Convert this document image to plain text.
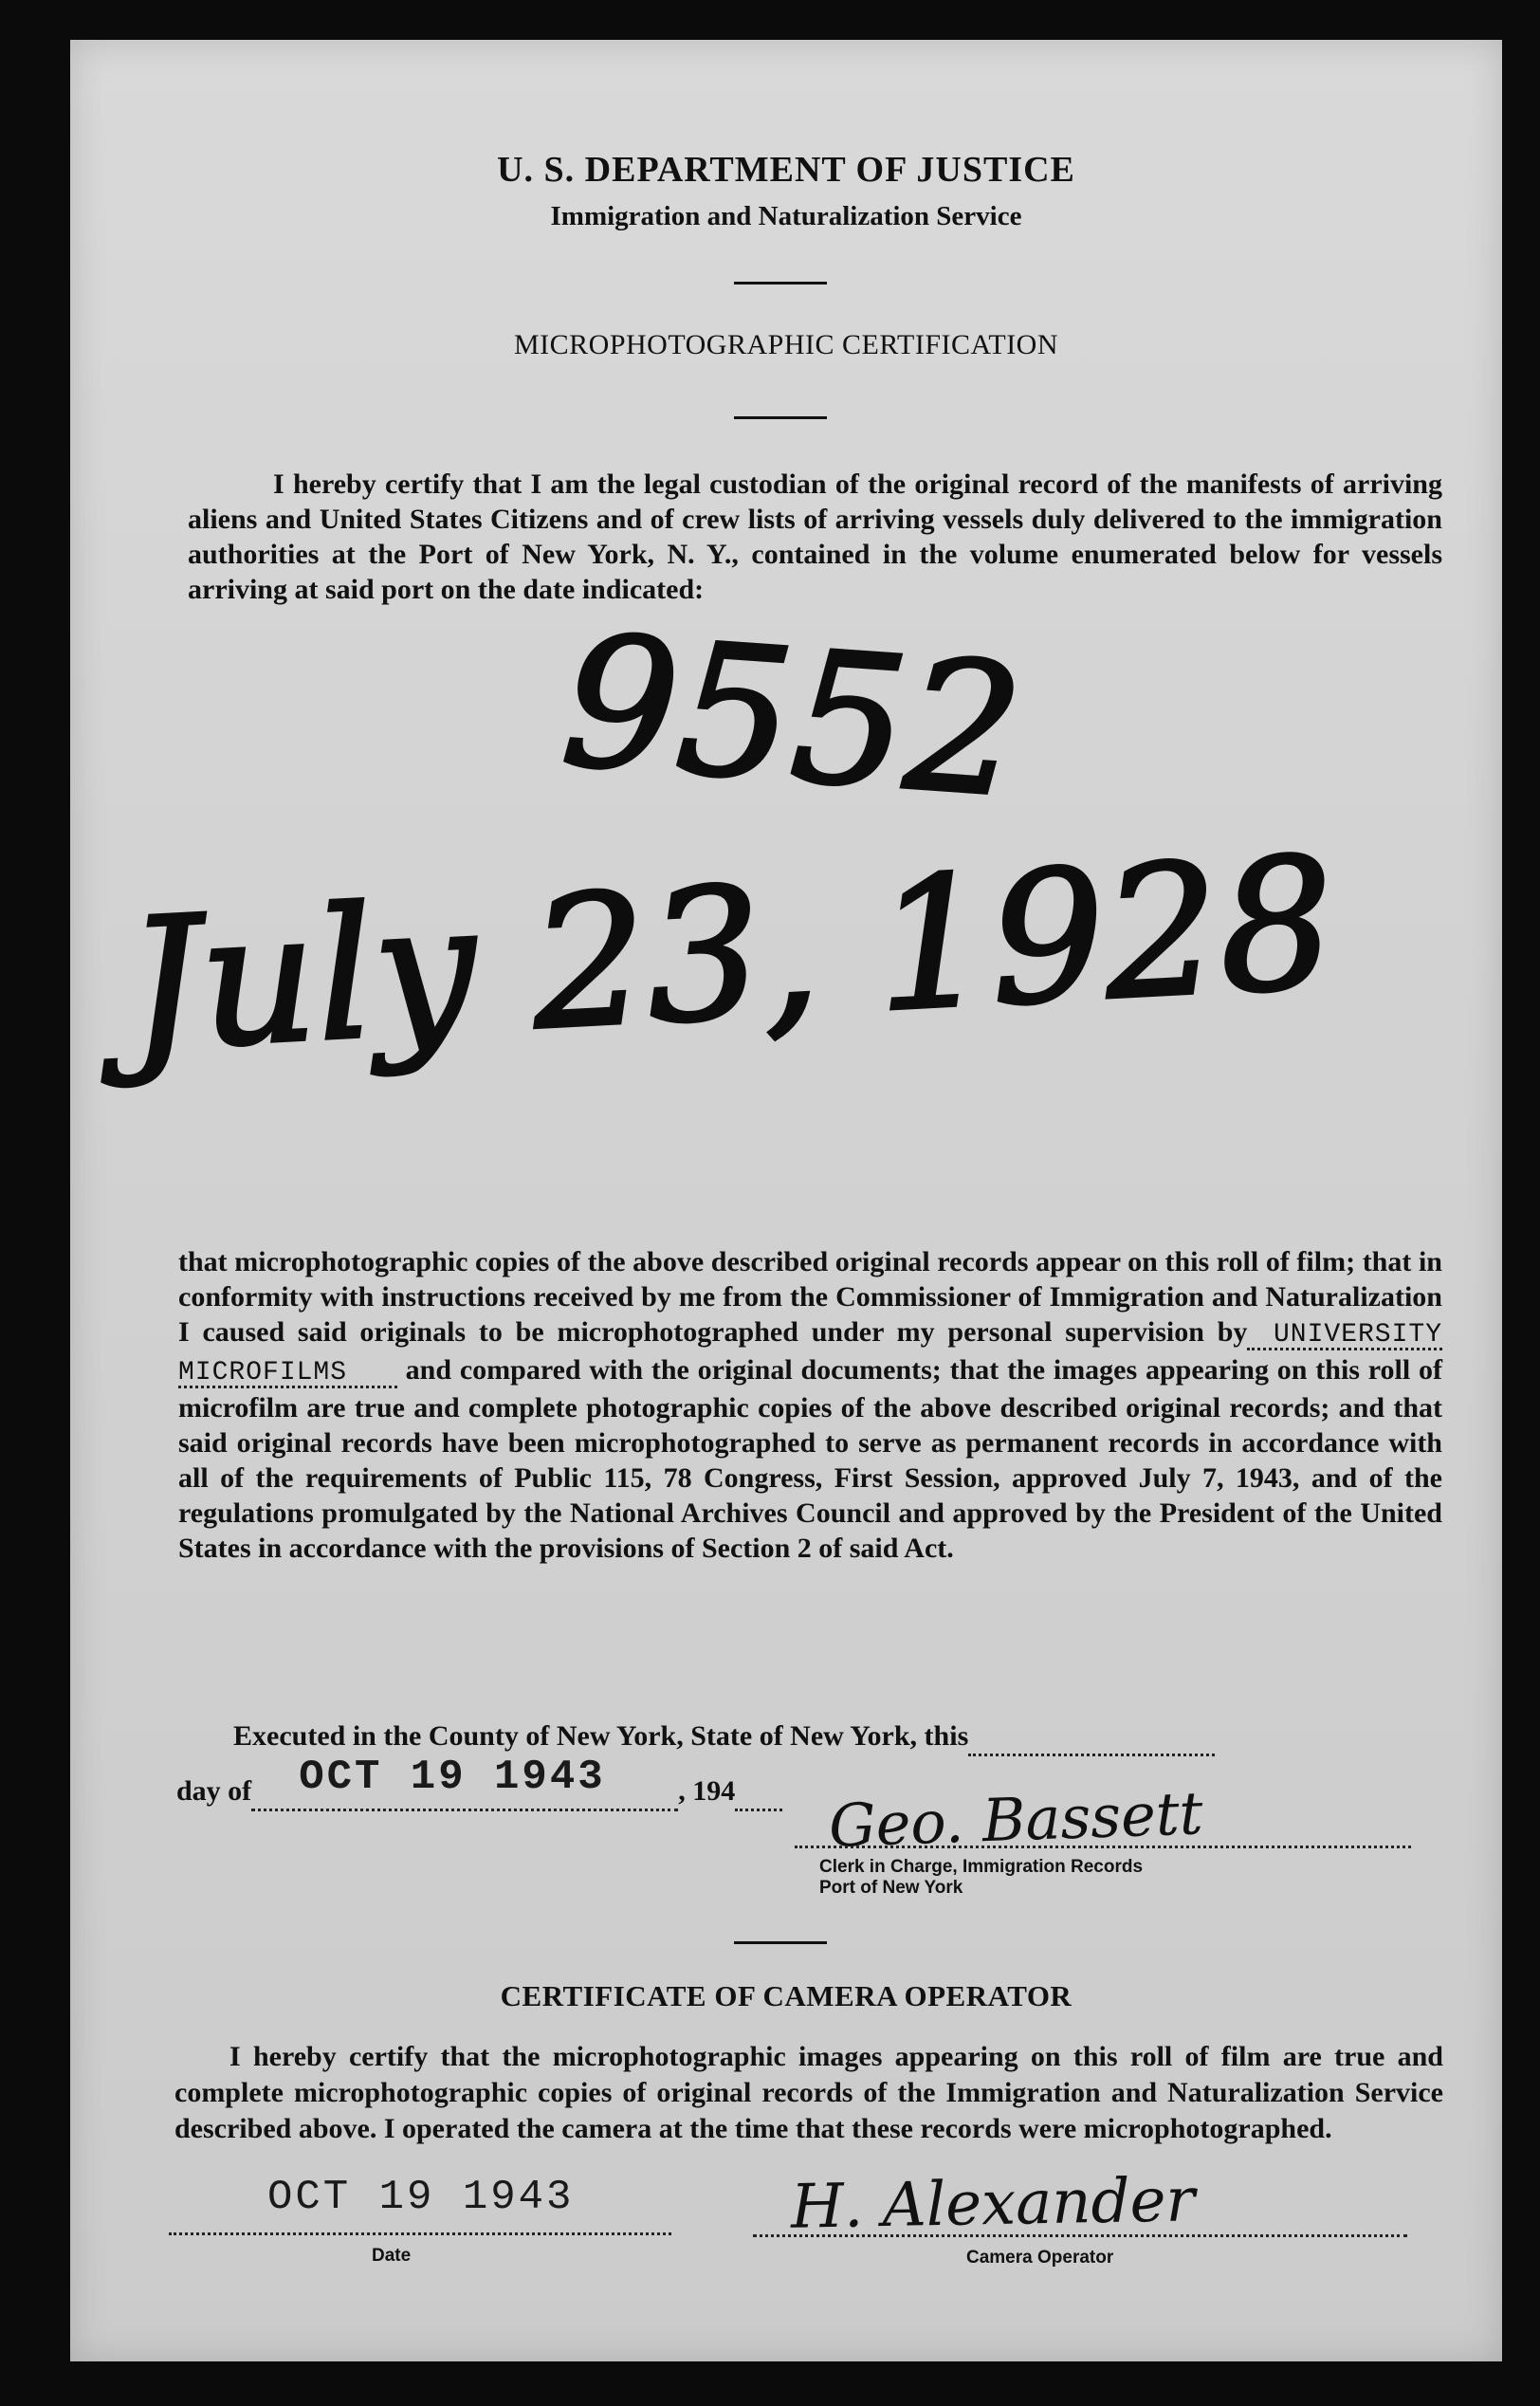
U. S. DEPARTMENT OF JUSTICE
Immigration and Naturalization Service
MICROPHOTOGRAPHIC CERTIFICATION
I hereby certify that I am the legal custodian of the original record of the manifests of arriving aliens and United States Citizens and of crew lists of arriving vessels duly delivered to the immigration authorities at the Port of New York, N. Y., contained in the volume enumerated below for vessels arriving at said port on the date indicated:
9552
July 23, 1928
that microphotographic copies of the above described original records appear on this roll of film; that in conformity with instructions received by me from the Commissioner of Immigration and Naturalization I caused said originals to be microphotographed under my personal supervision by UNIVERSITY MICROFILMS and compared with the original documents; that the images appearing on this roll of microfilm are true and complete photographic copies of the above described original records; and that said original records have been microphotographed to serve as permanent records in accordance with all of the requirements of Public 115, 78 Congress, First Session, approved July 7, 1943, and of the regulations promulgated by the National Archives Council and approved by the President of the United States in accordance with the provisions of Section 2 of said Act.
Executed in the County of New York, State of New York, this
day of OCT 19 1943	, 194	Geo. Bassett
Clerk in Charge, Immigration Records
Port of New York
CERTIFICATE OF CAMERA OPERATOR
I hereby certify that the microphotographic images appearing on this roll of film are true and complete microphotographic copies of original records of the Immigration and Naturalization Service described above. I operated the camera at the time that these records were microphotographed.
OCT 19 1943
Date
H. Alexander
Camera Operator
